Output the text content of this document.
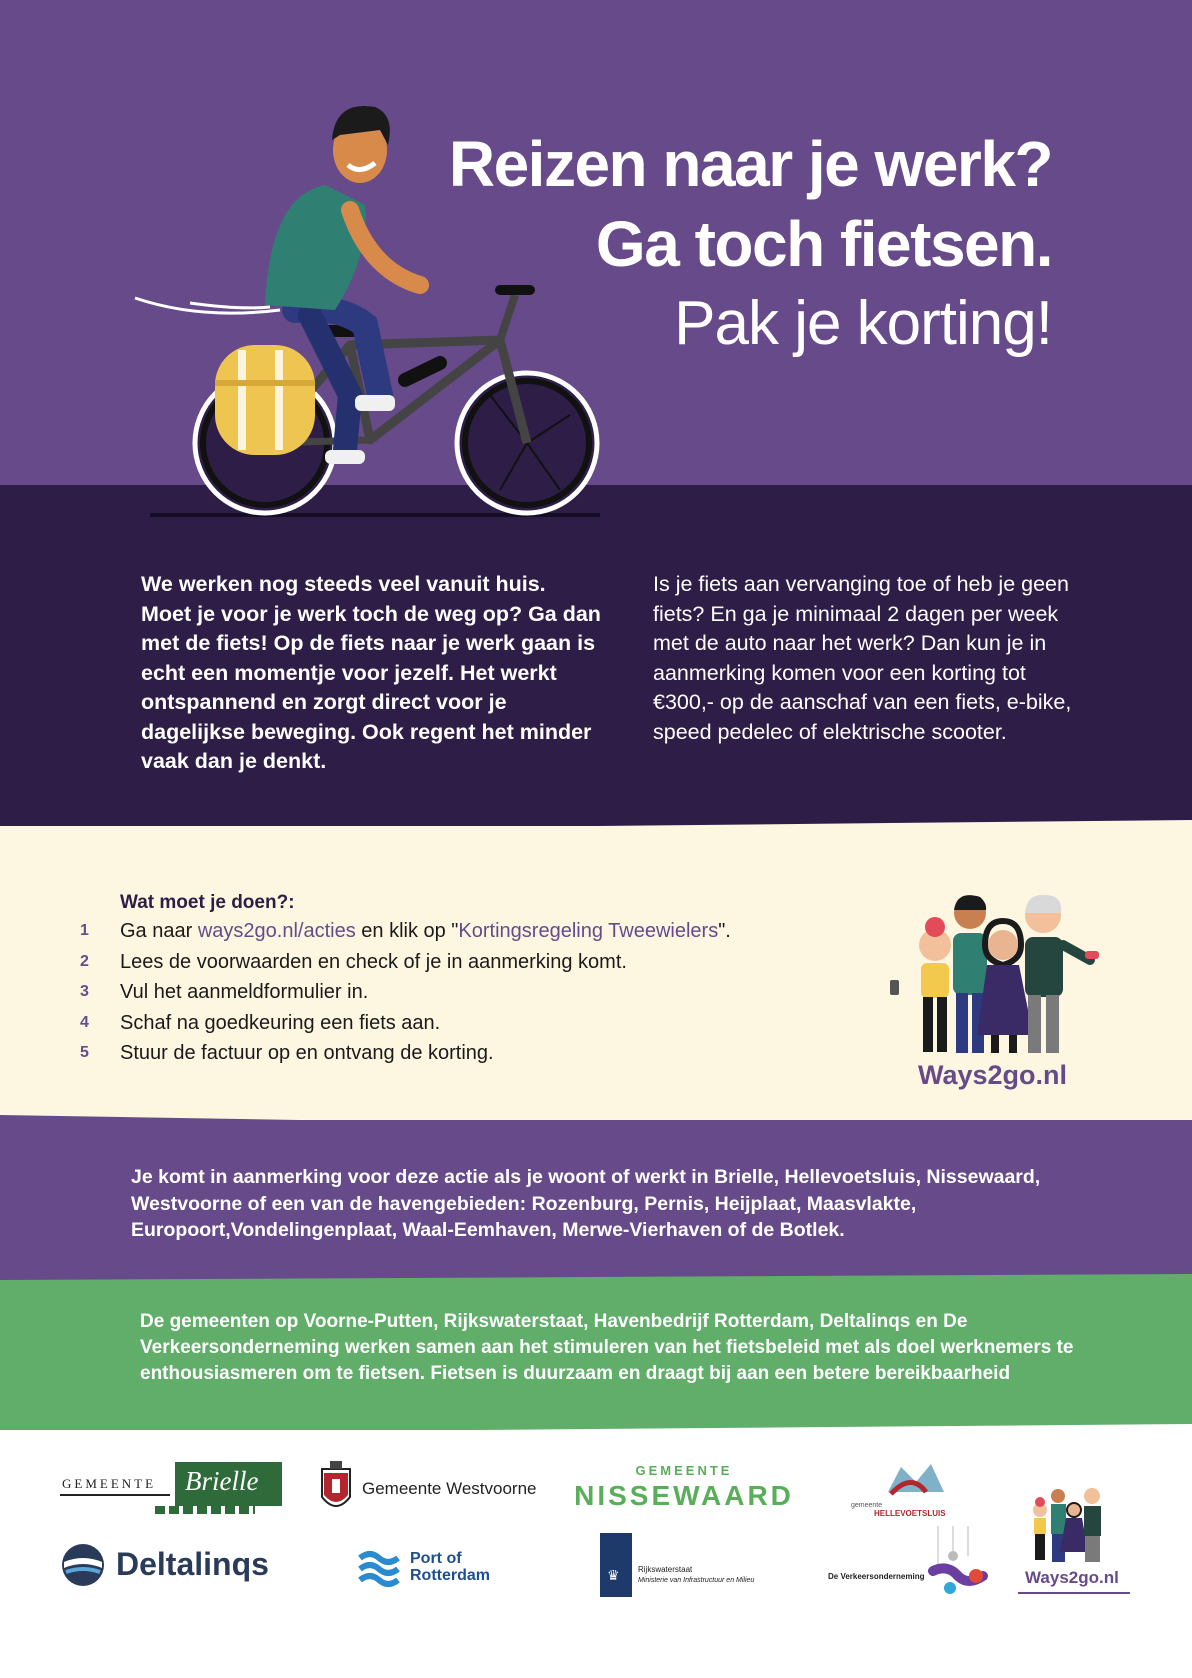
Reizen naar je werk?
Ga toch fietsen.
Pak je korting!
We werken nog steeds veel vanuit huis. Moet je voor je werk toch de weg op? Ga dan met de fiets! Op de fiets naar je werk gaan is echt een momentje voor jezelf. Het werkt ontspannend en zorgt direct voor je dagelijkse beweging. Ook regent het minder vaak dan je denkt.
Is je fiets aan vervanging toe of heb je geen fiets? En ga je minimaal 2 dagen per week met de auto naar het werk? Dan kun je in aanmerking komen voor een korting tot €300,- op de aanschaf van een fiets, e-bike, speed pedelec of elektrische scooter.
Wat moet je doen?:
1	Ga naar ways2go.nl/acties en klik op "Kortingsregeling Tweewielers".
2	Lees de voorwaarden en check of je in aanmerking komt.
3	Vul het aanmeldformulier in.
4	Schaf na goedkeuring een fiets aan.
5	Stuur de factuur op en ontvang de korting.
Ways2go.nl
Je komt in aanmerking voor deze actie als je woont of werkt in Brielle, Hellevoetsluis, Nissewaard, Westvoorne of een van de havengebieden: Rozenburg, Pernis, Heijplaat, Maasvlakte, Europoort,Vondelingenplaat, Waal-Eemhaven, Merwe-Vierhaven of de Botlek.
De gemeenten op Voorne-Putten, Rijkswaterstaat, Havenbedrijf Rotterdam, Deltalinqs en De Verkeersonderneming werken samen aan het stimuleren van het fietsbeleid met als doel werknemers te enthousiasmeren om te fietsen. Fietsen is duurzaam en draagt bij aan een betere bereikbaarheid
GEMEENTE Brielle	Gemeente Westvoorne
GEMEENTE
NISSEWAARD	gemeente
HELLEVOETSLUIS
Deltalinqs	Port of
Rotterdam	♛ Rijkswaterstaat
Ministerie van Infrastructuur en Milieu	De Verkeersonderneming	Ways2go.nl
